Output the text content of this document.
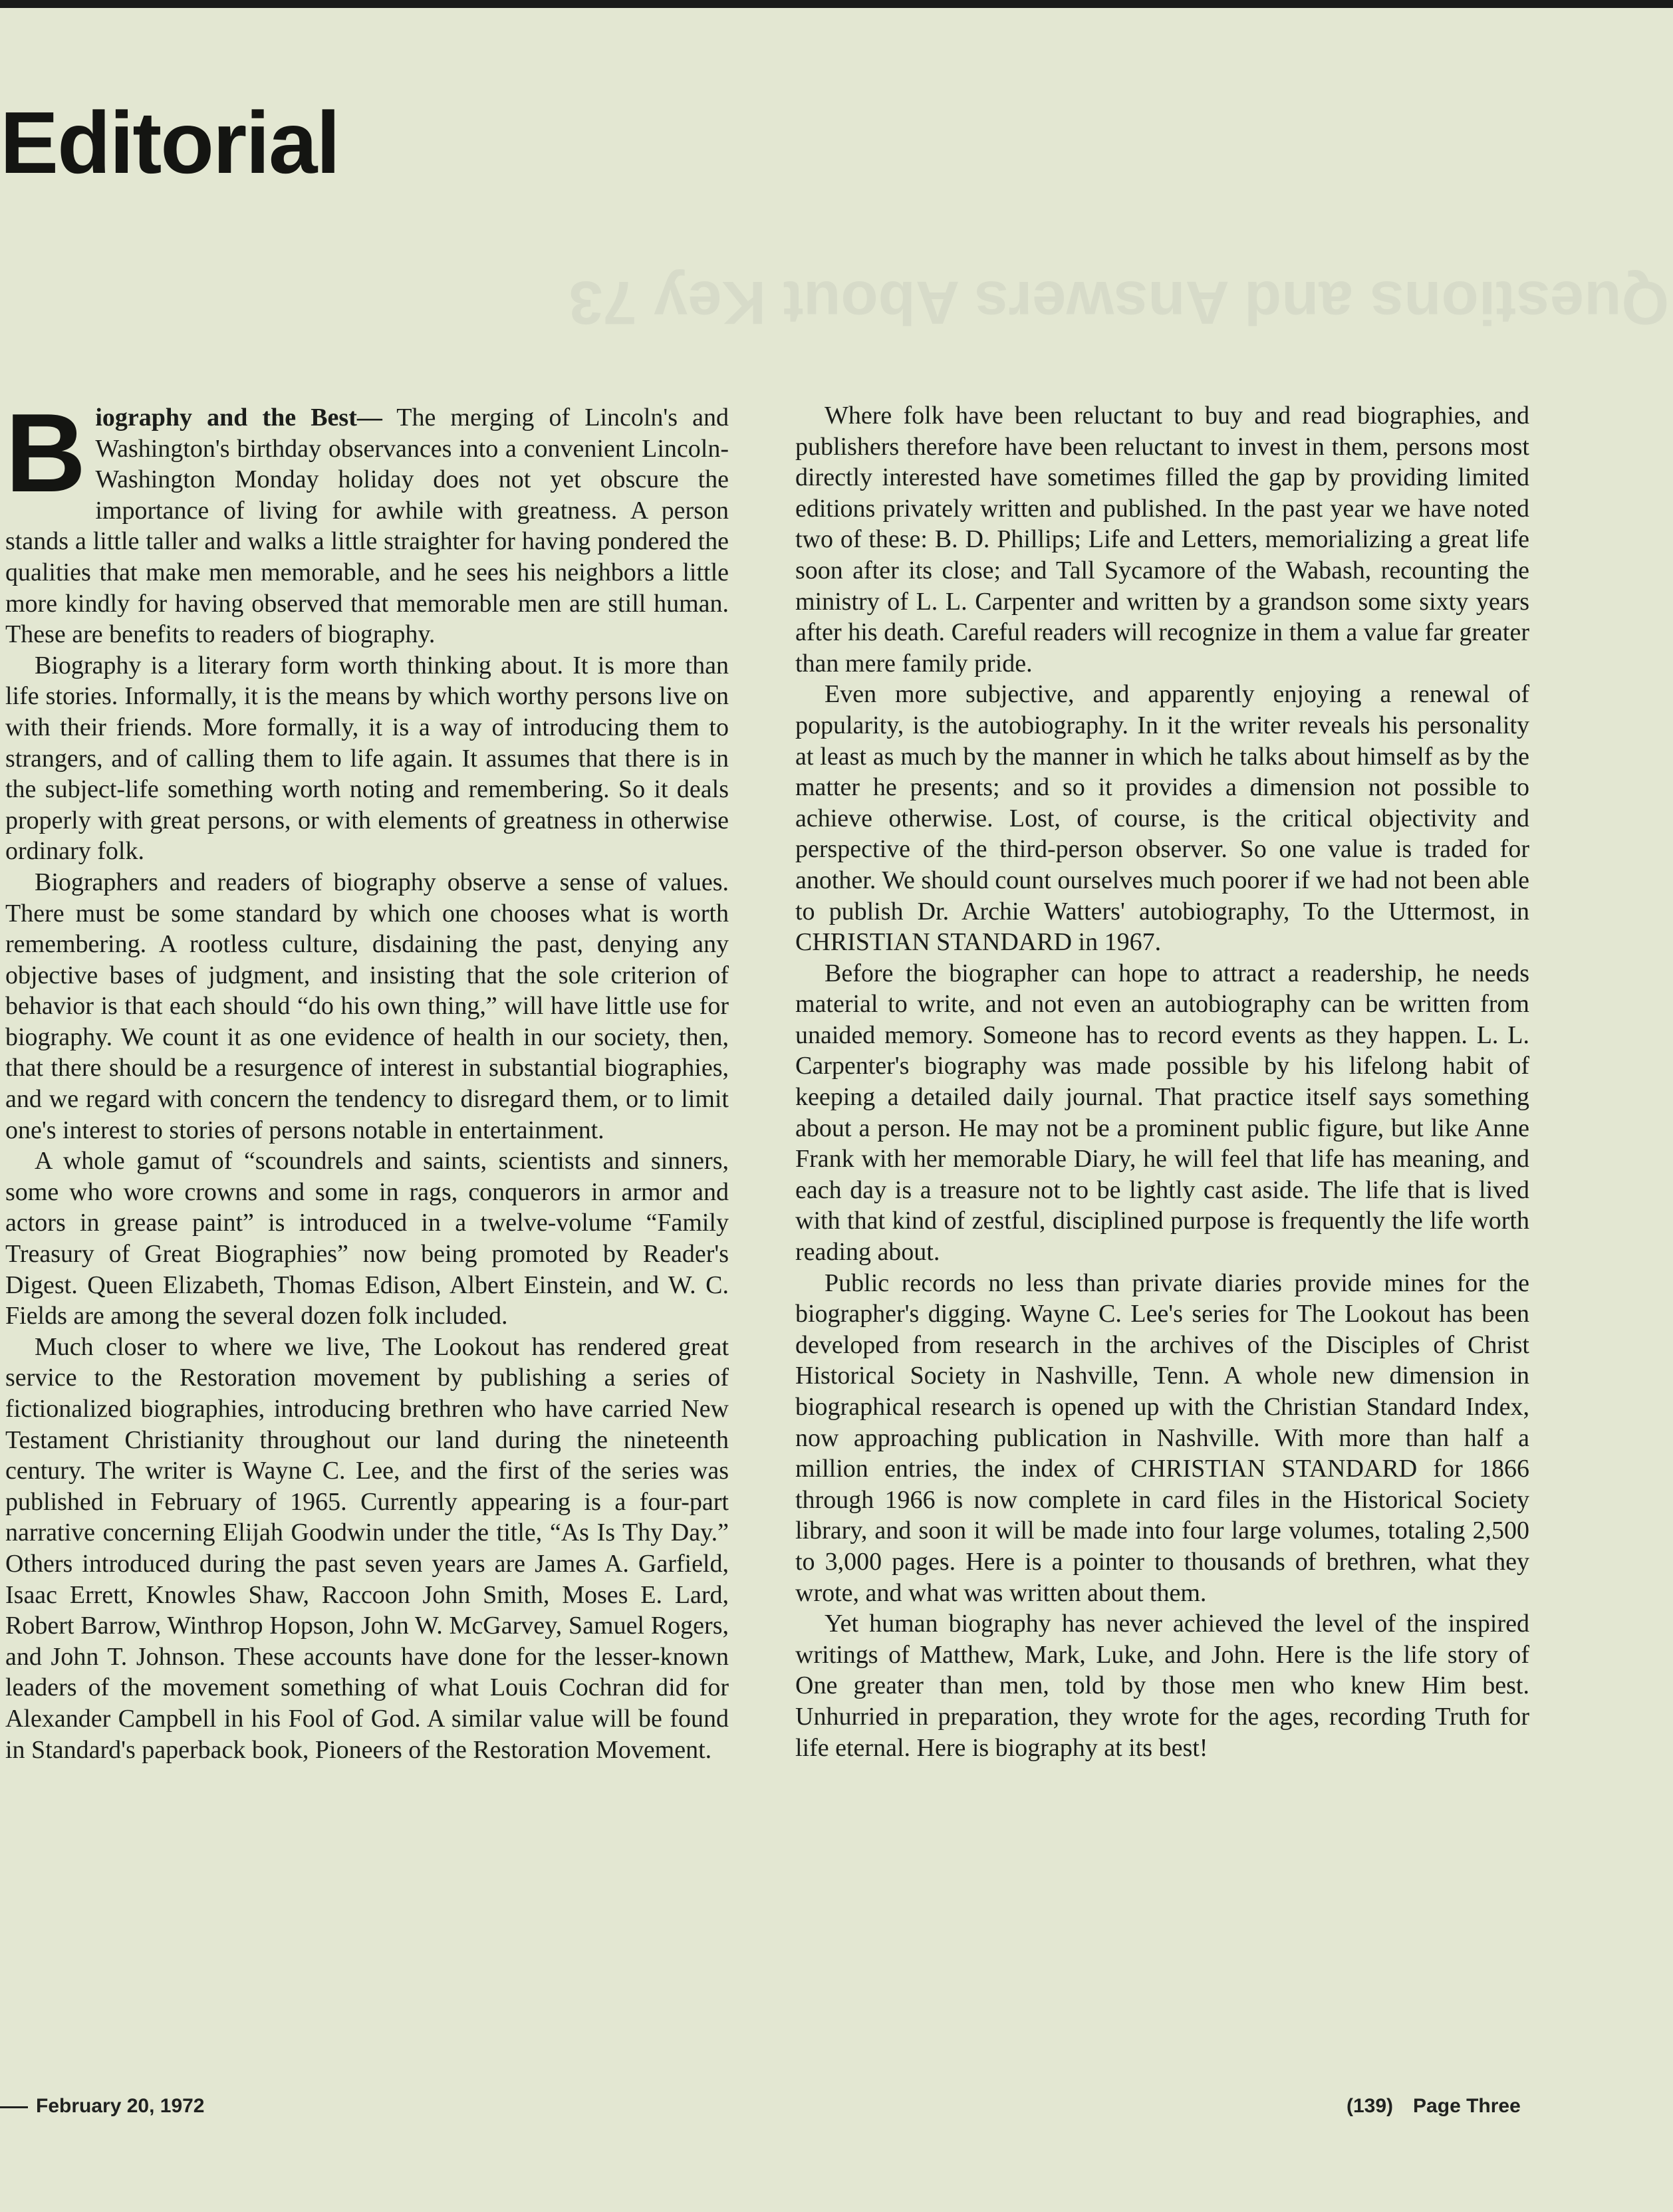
Questions and Answers About Key 73
Editorial

B iography and the Best— The merging of Lincoln's and Washington's birthday observances into a convenient Lincoln-Washington Monday holiday does not yet obscure the importance of living for awhile with greatness. A person stands a little taller and walks a little straighter for having pondered the qualities that make men memorable, and he sees his neighbors a little more kindly for having observed that memorable men are still human. These are benefits to readers of biography.

Biography is a literary form worth thinking about. It is more than life stories. Informally, it is the means by which worthy persons live on with their friends. More formally, it is a way of introducing them to strangers, and of calling them to life again. It assumes that there is in the subject-life something worth noting and remembering. So it deals properly with great persons, or with elements of greatness in otherwise ordinary folk.

Biographers and readers of biography observe a sense of values. There must be some standard by which one chooses what is worth remembering. A rootless culture, disdaining the past, denying any objective bases of judgment, and insisting that the sole criterion of behavior is that each should “do his own thing,” will have little use for biography. We count it as one evidence of health in our society, then, that there should be a resurgence of interest in substantial biographies, and we regard with concern the tendency to disregard them, or to limit one's interest to stories of persons notable in entertainment.

A whole gamut of “scoundrels and saints, scientists and sinners, some who wore crowns and some in rags, conquerors in armor and actors in grease paint” is introduced in a twelve-volume “Family Treasury of Great Biographies” now being promoted by Reader's Digest. Queen Elizabeth, Thomas Edison, Albert Einstein, and W. C. Fields are among the several dozen folk included.

Much closer to where we live, The Lookout has rendered great service to the Restoration movement by publishing a series of fictionalized biographies, introducing brethren who have carried New Testament Christianity throughout our land during the nineteenth century. The writer is Wayne C. Lee, and the first of the series was published in February of 1965. Currently appearing is a four-part narrative concerning Elijah Goodwin under the title, “As Is Thy Day.” Others introduced during the past seven years are James A. Garfield, Isaac Errett, Knowles Shaw, Raccoon John Smith, Moses E. Lard, Robert Barrow, Winthrop Hopson, John W. McGarvey, Samuel Rogers, and John T. Johnson. These accounts have done for the lesser-known leaders of the movement something of what Louis Cochran did for Alexander Campbell in his Fool of God. A similar value will be found in Standard's paperback book, Pioneers of the Restoration Movement.

Where folk have been reluctant to buy and read biographies, and publishers therefore have been reluctant to invest in them, persons most directly interested have sometimes filled the gap by providing limited editions privately written and published. In the past year we have noted two of these: B. D. Phillips; Life and Letters, memorializing a great life soon after its close; and Tall Sycamore of the Wabash, recounting the ministry of L. L. Carpenter and written by a grandson some sixty years after his death. Careful readers will recognize in them a value far greater than mere family pride.

Even more subjective, and apparently enjoying a renewal of popularity, is the autobiography. In it the writer reveals his personality at least as much by the manner in which he talks about himself as by the matter he presents; and so it provides a dimension not possible to achieve otherwise. Lost, of course, is the critical objectivity and perspective of the third-person observer. So one value is traded for another. We should count ourselves much poorer if we had not been able to publish Dr. Archie Watters' autobiography, To the Uttermost, in CHRISTIAN STANDARD in 1967.

Before the biographer can hope to attract a readership, he needs material to write, and not even an autobiography can be written from unaided memory. Someone has to record events as they happen. L. L. Carpenter's biography was made possible by his lifelong habit of keeping a detailed daily journal. That practice itself says something about a person. He may not be a prominent public figure, but like Anne Frank with her memorable Diary, he will feel that life has meaning, and each day is a treasure not to be lightly cast aside. The life that is lived with that kind of zestful, disciplined purpose is frequently the life worth reading about.

Public records no less than private diaries provide mines for the biographer's digging. Wayne C. Lee's series for The Lookout has been developed from research in the archives of the Disciples of Christ Historical Society in Nashville, Tenn. A whole new dimension in biographical research is opened up with the Christian Standard Index, now approaching publication in Nashville. With more than half a million entries, the index of CHRISTIAN STANDARD for 1866 through 1966 is now complete in card files in the Historical Society library, and soon it will be made into four large volumes, totaling 2,500 to 3,000 pages. Here is a pointer to thousands of brethren, what they wrote, and what was written about them.

Yet human biography has never achieved the level of the inspired writings of Matthew, Mark, Luke, and John. Here is the life story of One greater than men, told by those men who knew Him best. Unhurried in preparation, they wrote for the ages, recording Truth for life eternal. Here is biography at its best!

February 20, 1972	(139) Page Three
